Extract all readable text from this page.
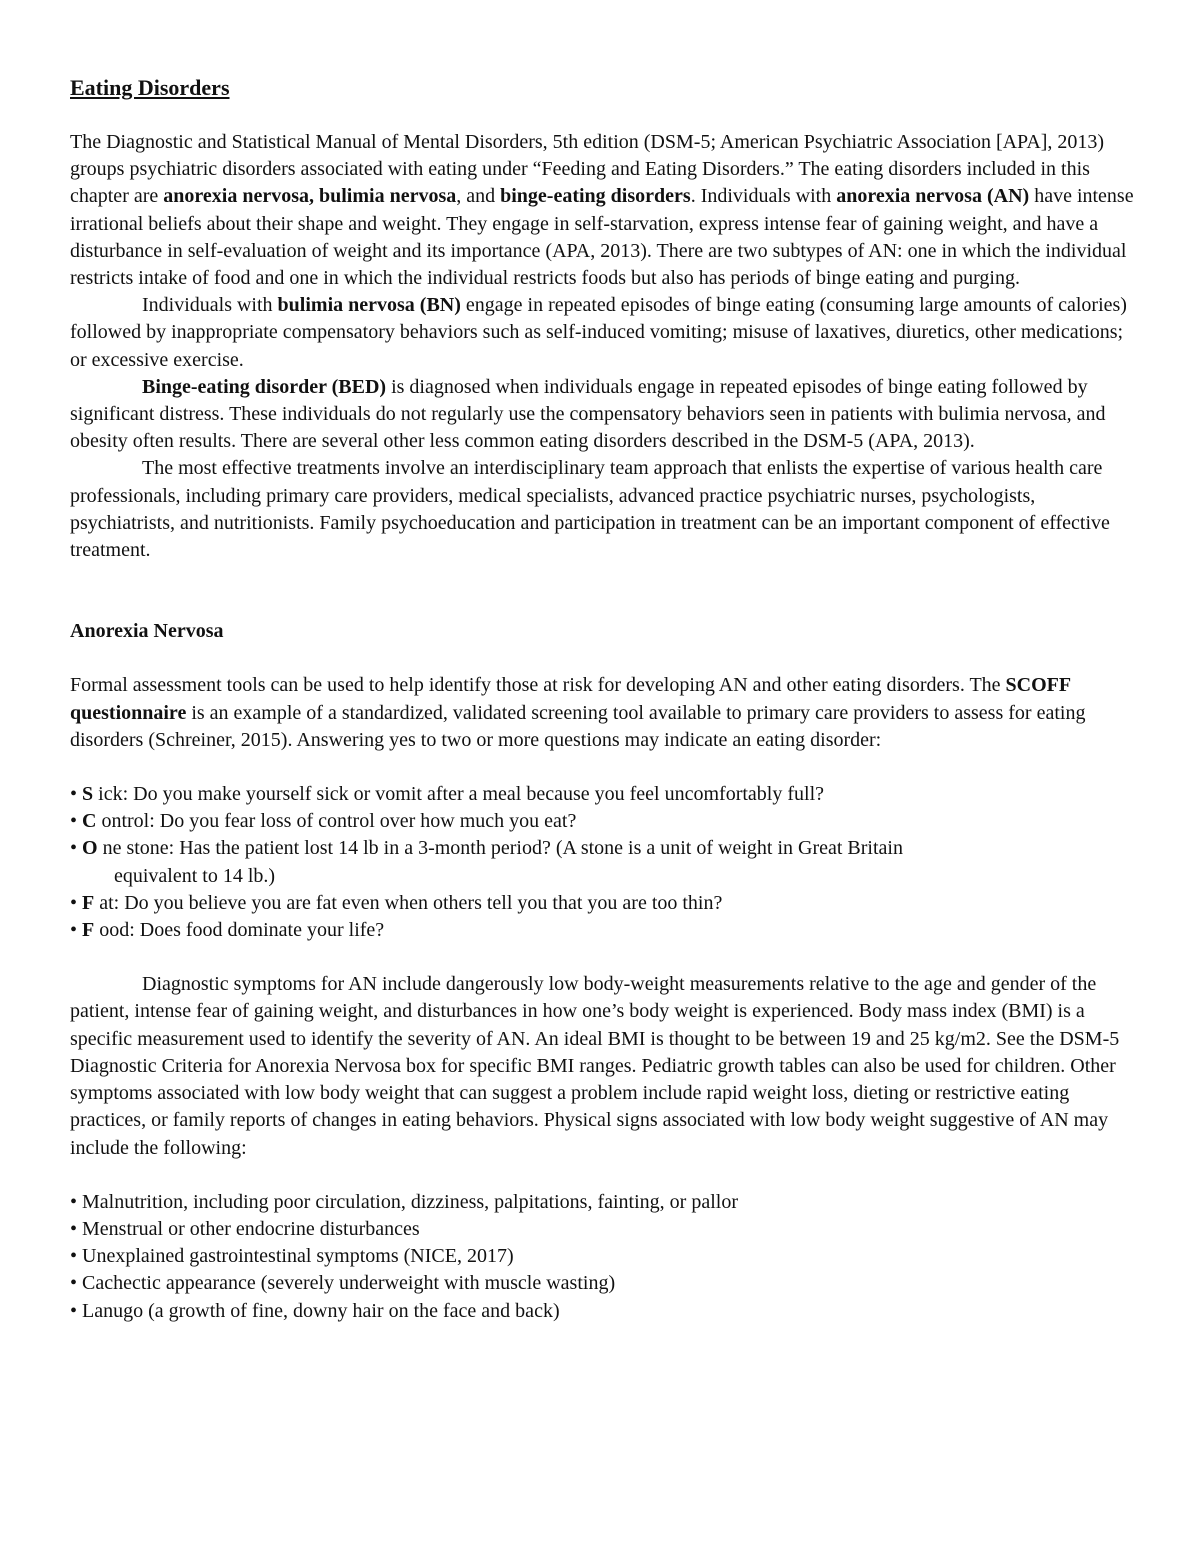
Eating Disorders

The Diagnostic and Statistical Manual of Mental Disorders, 5th edition (DSM-5; American Psychiatric Association [APA], 2013) groups psychiatric disorders associated with eating under “Feeding and Eating Disorders.” The eating disorders included in this chapter are anorexia nervosa, bulimia nervosa, and binge-eating disorders. Individuals with anorexia nervosa (AN) have intense irrational beliefs about their shape and weight. They engage in self-starvation, express intense fear of gaining weight, and have a disturbance in self-evaluation of weight and its importance (APA, 2013). There are two subtypes of AN: one in which the individual restricts intake of food and one in which the individual restricts foods but also has periods of binge eating and purging.

Individuals with bulimia nervosa (BN) engage in repeated episodes of binge eating (consuming large amounts of calories) followed by inappropriate compensatory behaviors such as self-induced vomiting; misuse of laxatives, diuretics, other medications; or excessive exercise.

Binge-eating disorder (BED) is diagnosed when individuals engage in repeated episodes of binge eating followed by significant distress. These individuals do not regularly use the compensatory behaviors seen in patients with bulimia nervosa, and obesity often results. There are several other less common eating disorders described in the DSM-5 (APA, 2013).

The most effective treatments involve an interdisciplinary team approach that enlists the expertise of various health care professionals, including primary care providers, medical specialists, advanced practice psychiatric nurses, psychologists, psychiatrists, and nutritionists. Family psychoeducation and participation in treatment can be an important component of effective treatment.

Anorexia Nervosa

Formal assessment tools can be used to help identify those at risk for developing AN and other eating disorders. The SCOFF questionnaire is an example of a standardized, validated screening tool available to primary care providers to assess for eating disorders (Schreiner, 2015). Answering yes to two or more questions may indicate an eating disorder:

• S ick: Do you make yourself sick or vomit after a meal because you feel uncomfortably full?
• C ontrol: Do you fear loss of control over how much you eat?
• O ne stone: Has the patient lost 14 lb in a 3-month period? (A stone is a unit of weight in Great Britain
equivalent to 14 lb.)
• F at: Do you believe you are fat even when others tell you that you are too thin?
• F ood: Does food dominate your life?

Diagnostic symptoms for AN include dangerously low body-weight measurements relative to the age and gender of the patient, intense fear of gaining weight, and disturbances in how one’s body weight is experienced. Body mass index (BMI) is a specific measurement used to identify the severity of AN. An ideal BMI is thought to be between 19 and 25 kg/m2. See the DSM-5 Diagnostic Criteria for Anorexia Nervosa box for specific BMI ranges. Pediatric growth tables can also be used for children. Other symptoms associated with low body weight that can suggest a problem include rapid weight loss, dieting or restrictive eating practices, or family reports of changes in eating behaviors. Physical signs associated with low body weight suggestive of AN may include the following:

• Malnutrition, including poor circulation, dizziness, palpitations, fainting, or pallor
• Menstrual or other endocrine disturbances
• Unexplained gastrointestinal symptoms (NICE, 2017)
• Cachectic appearance (severely underweight with muscle wasting)
• Lanugo (a growth of fine, downy hair on the face and back)
